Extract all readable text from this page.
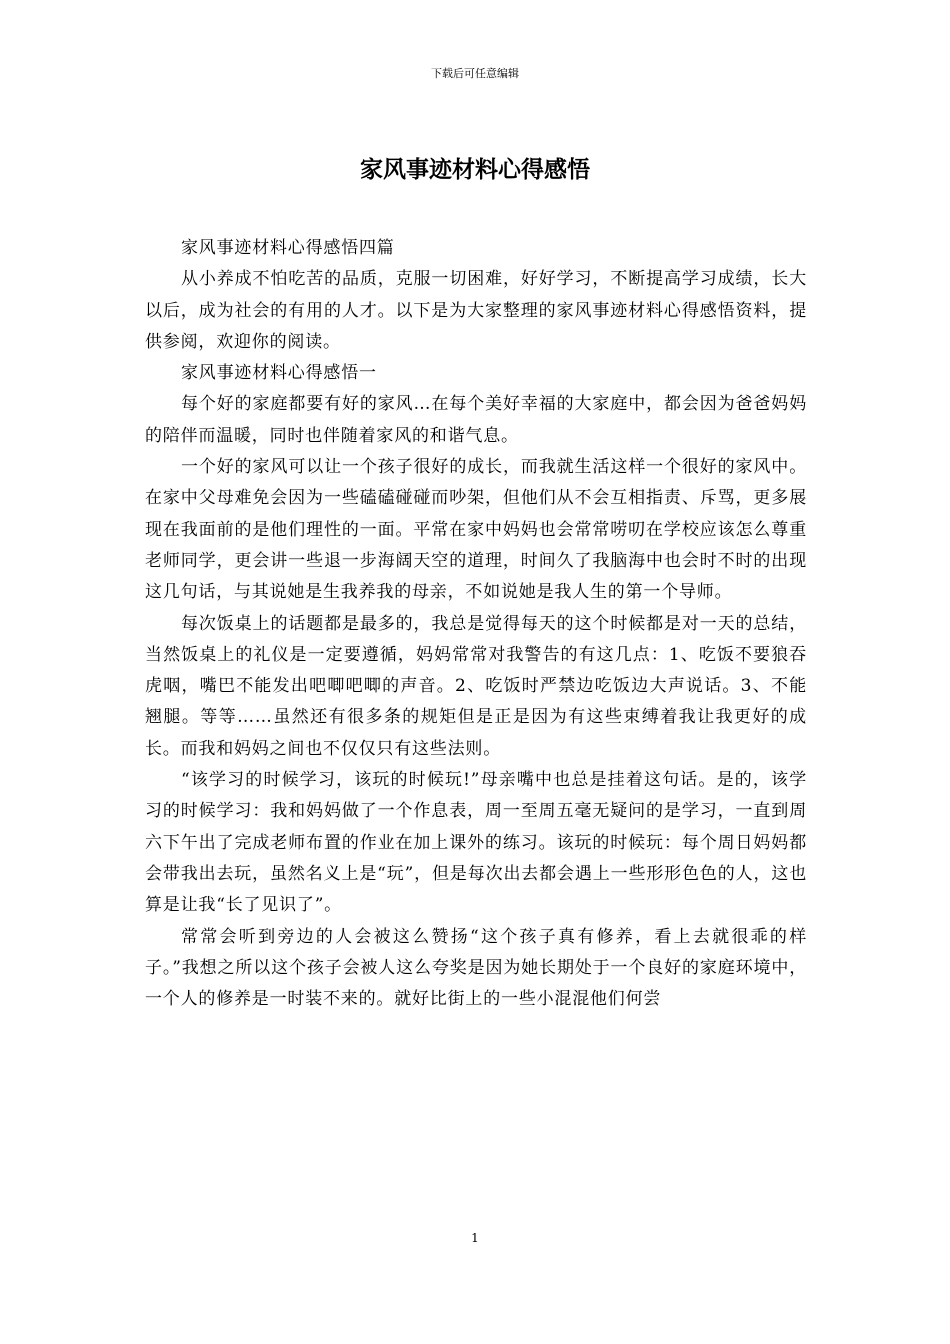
下载后可任意编辑
家风事迹材料心得感悟

家风事迹材料心得感悟四篇

从小养成不怕吃苦的品质，克服一切困难，好好学习，不断提高学习成绩，长大以后，成为社会的有用的人才。以下是为大家整理的家风事迹材料心得感悟资料，提供参阅，欢迎你的阅读。

家风事迹材料心得感悟一

每个好的家庭都要有好的家风…在每个美好幸福的大家庭中，都会因为爸爸妈妈的陪伴而温暖，同时也伴随着家风的和谐气息。

一个好的家风可以让一个孩子很好的成长，而我就生活这样一个很好的家风中。在家中父母难免会因为一些磕磕碰碰而吵架，但他们从不会互相指责、斥骂，更多展现在我面前的是他们理性的一面。平常在家中妈妈也会常常唠叨在学校应该怎么尊重老师同学，更会讲一些退一步海阔天空的道理，时间久了我脑海中也会时不时的出现这几句话，与其说她是生我养我的母亲，不如说她是我人生的第一个导师。

每次饭桌上的话题都是最多的，我总是觉得每天的这个时候都是对一天的总结，当然饭桌上的礼仪是一定要遵循，妈妈常常对我警告的有这几点：1、吃饭不要狼吞虎咽，嘴巴不能发出吧唧吧唧的声音。2、吃饭时严禁边吃饭边大声说话。3、不能翘腿。等等……虽然还有很多条的规矩但是正是因为有这些束缚着我让我更好的成长。而我和妈妈之间也不仅仅只有这些法则。

“该学习的时候学习，该玩的时候玩!”母亲嘴中也总是挂着这句话。是的，该学习的时候学习：我和妈妈做了一个作息表，周一至周五毫无疑问的是学习，一直到周六下午出了完成老师布置的作业在加上课外的练习。该玩的时候玩：每个周日妈妈都会带我出去玩，虽然名义上是“玩”，但是每次出去都会遇上一些形形色色的人，这也算是让我“长了见识了”。

常常会听到旁边的人会被这么赞扬“这个孩子真有修养，看上去就很乖的样子。”我想之所以这个孩子会被人这么夸奖是因为她长期处于一个良好的家庭环境中，一个人的修养是一时装不来的。就好比街上的一些小混混他们何尝

1
